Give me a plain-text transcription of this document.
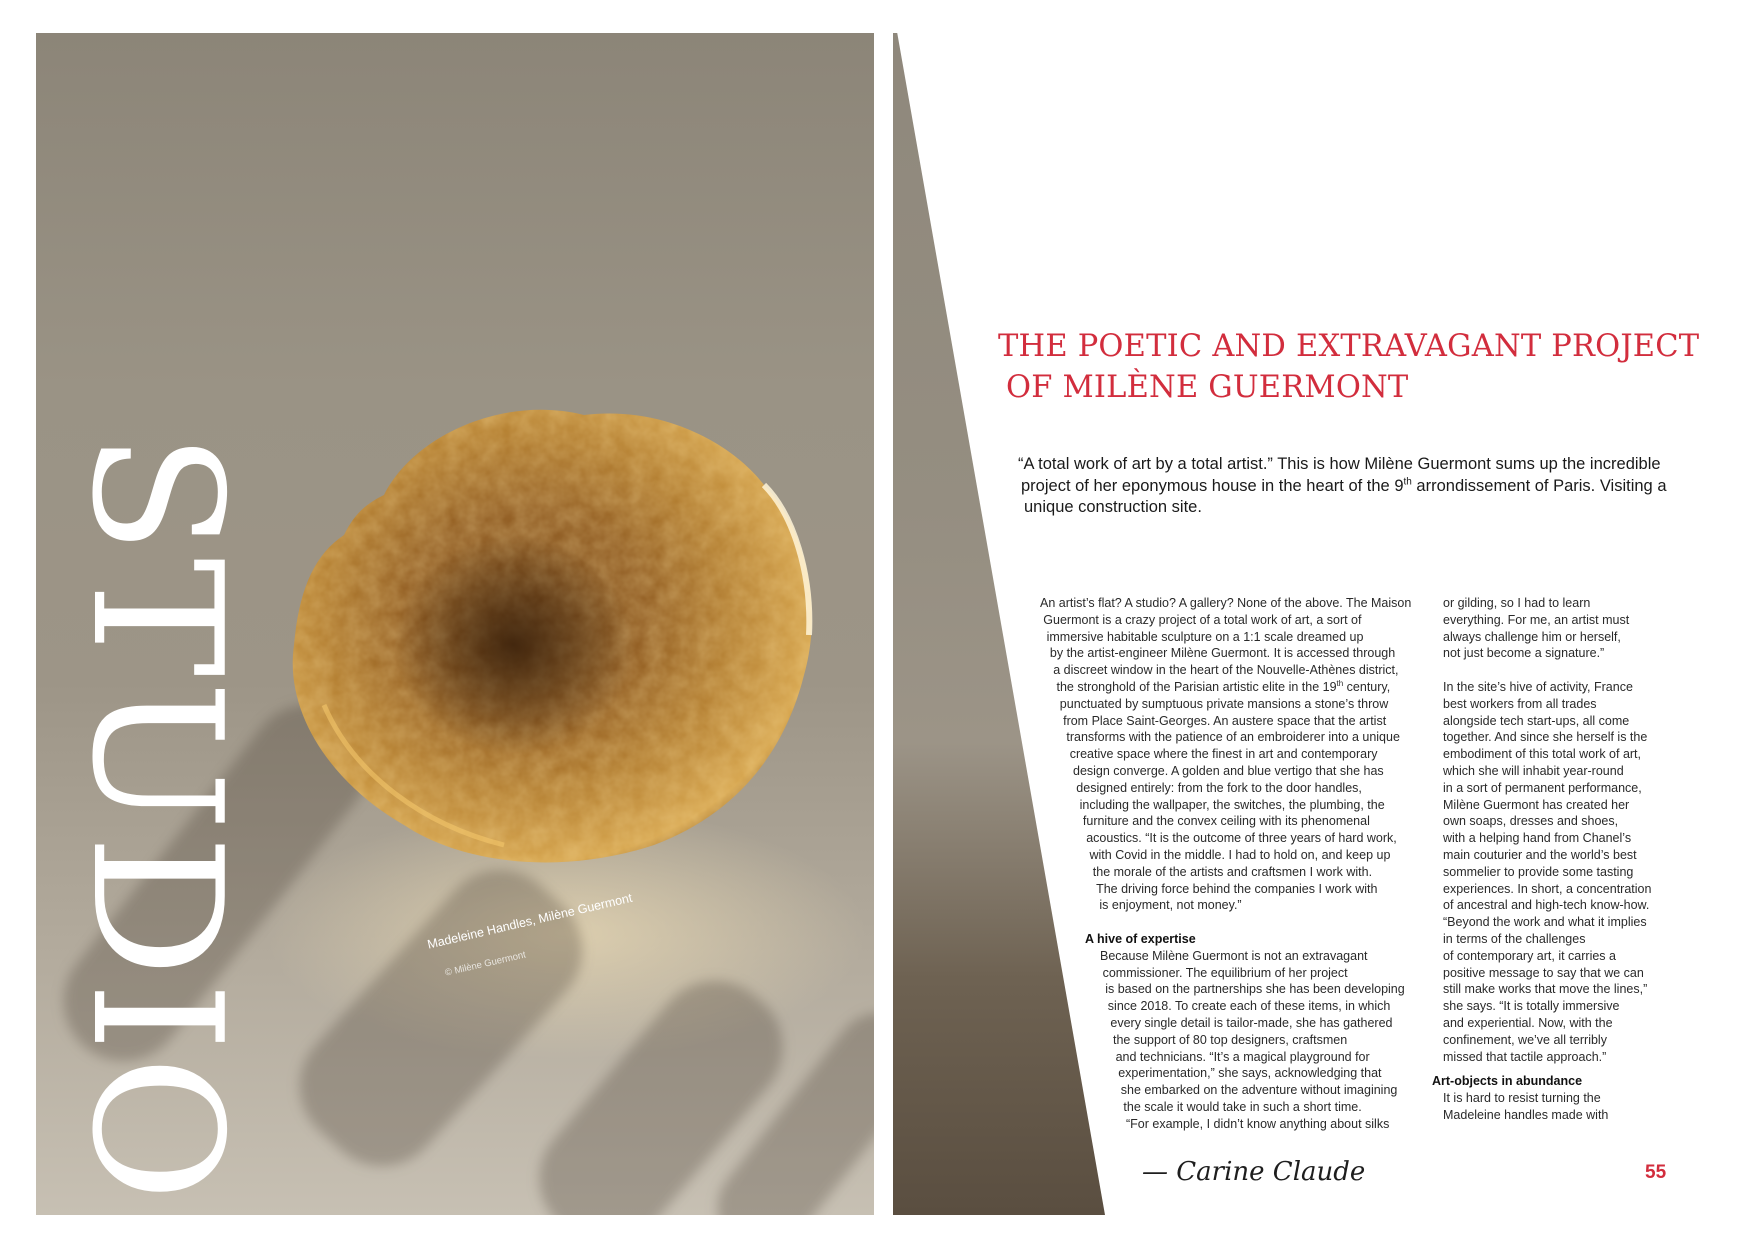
STUDIO	Madeleine Handles, Milène Guermont
© Milène Guermont
THE POETIC AND EXTRAVAGANT PROJECT
OF MILÈNE GUERMONT

“A total work of art by a total artist.” This is how Milène Guermont sums up the incredible
project of her eponymous house in the heart of the 9th arrondissement of Paris. Visiting a
unique construction site.

An artist’s flat? A studio? A gallery? None of the above. The Maison
Guermont is a crazy project of a total work of art, a sort of
immersive habitable sculpture on a 1:1 scale dreamed up
by the artist-engineer Milène Guermont. It is accessed through
a discreet window in the heart of the Nouvelle-Athènes district,
the stronghold of the Parisian artistic elite in the 19th century,
punctuated by sumptuous private mansions a stone’s throw
from Place Saint-Georges. An austere space that the artist
transforms with the patience of an embroiderer into a unique
creative space where the finest in art and contemporary
design converge. A golden and blue vertigo that she has
designed entirely: from the fork to the door handles,
including the wallpaper, the switches, the plumbing, the
furniture and the convex ceiling with its phenomenal
acoustics. “It is the outcome of three years of hard work,
with Covid in the middle. I had to hold on, and keep up
the morale of the artists and craftsmen I work with.
The driving force behind the companies I work with
is enjoyment, not money.”
A hive of expertise
Because Milène Guermont is not an extravagant
commissioner. The equilibrium of her project
is based on the partnerships she has been developing
since 2018. To create each of these items, in which
every single detail is tailor-made, she has gathered
the support of 80 top designers, craftsmen
and technicians. “It’s a magical playground for
experimentation,” she says, acknowledging that
she embarked on the adventure without imagining
the scale it would take in such a short time.
“For example, I didn’t know anything about silks
or gilding, so I had to learn
everything. For me, an artist must
always challenge him or herself,
not just become a signature.”
In the site’s hive of activity, France
best workers from all trades
alongside tech start-ups, all come
together. And since she herself is the
embodiment of this total work of art,
which she will inhabit year-round
in a sort of permanent performance,
Milène Guermont has created her
own soaps, dresses and shoes,
with a helping hand from Chanel’s
main couturier and the world’s best
sommelier to provide some tasting
experiences. In short, a concentration
of ancestral and high-tech know-how.
“Beyond the work and what it implies
in terms of the challenges
of contemporary art, it carries a
positive message to say that we can
still make works that move the lines,”
she says. “It is totally immersive
and experiential. Now, with the
confinement, we’ve all terribly
missed that tactile approach.”
Art-objects in abundance
It is hard to resist turning the
Madeleine handles made with

— Carine Claude	55
